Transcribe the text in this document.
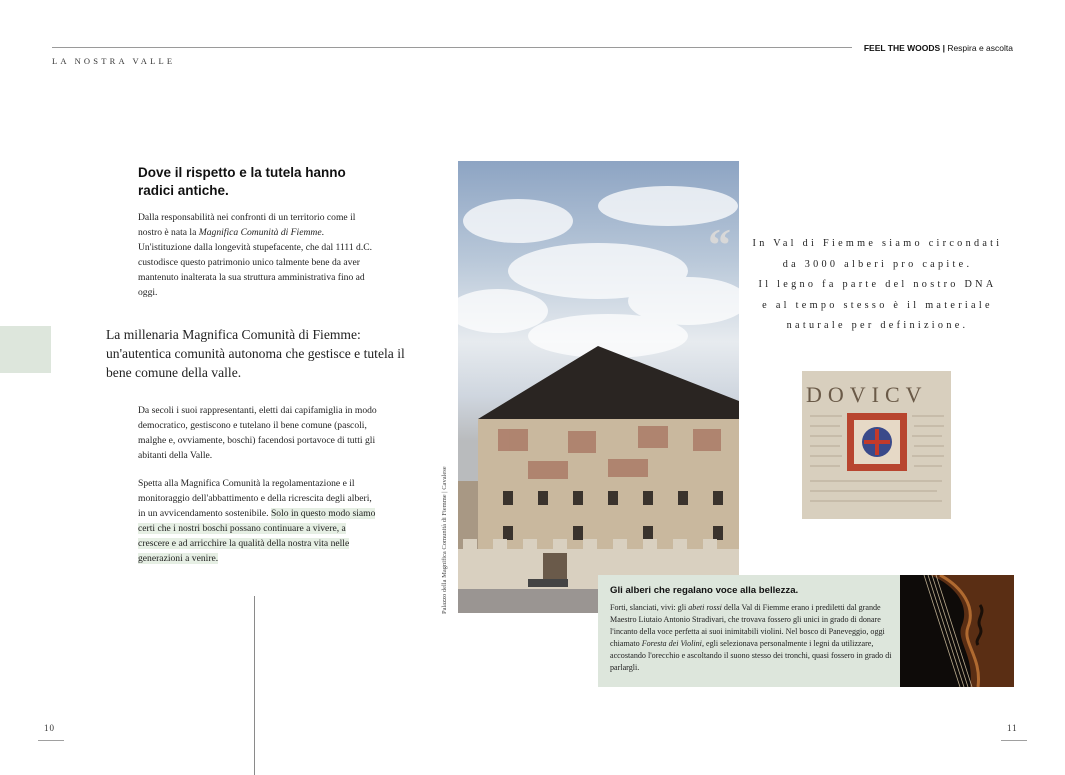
LA NOSTRA VALLE
FEEL THE WOODS | Respira e ascolta
Dove il rispetto e la tutela hanno radici antiche.
Dalla responsabilità nei confronti di un territorio come il nostro è nata la Magnifica Comunità di Fiemme. Un'istituzione dalla longevità stupefacente, che dal 1111 d.C. custodisce questo patrimonio unico talmente bene da aver mantenuto inalterata la sua struttura amministrativa fino ad oggi.
La millenaria Magnifica Comunità di Fiemme: un'autentica comunità autonoma che gestisce e tutela il bene comune della valle.
Da secoli i suoi rappresentanti, eletti dai capifamiglia in modo democratico, gestiscono e tutelano il bene comune (pascoli, malghe e, ovviamente, boschi) facendosi portavoce di tutti gli abitanti della Valle.
Spetta alla Magnifica Comunità la regolamentazione e il monitoraggio dell'abbattimento e della ricrescita degli alberi, in un avvicendamento sostenibile. Solo in questo modo siamo certi che i nostri boschi possano continuare a vivere, a crescere e ad arricchire la qualità della nostra vita nelle generazioni a venire.	Palazzo della Magnifica Comunità di Fiemme | Cavalese
“ In Val di Fiemme siamo circondati
da 3000 alberi pro capite.
Il legno fa parte del nostro DNA
e al tempo stesso è il materiale
naturale per definizione.
DOVICV
Gli alberi che regalano voce alla bellezza.
Forti, slanciati, vivi: gli abeti rossi della Val di Fiemme erano i prediletti dal grande Maestro Liutaio Antonio Stradivari, che trovava fossero gli unici in grado di donare l'incanto della voce perfetta ai suoi inimitabili violini. Nel bosco di Paneveggio, oggi chiamato Foresta dei Violini, egli selezionava personalmente i legni da utilizzare, accostando l'orecchio e ascoltando il suono stesso dei tronchi, quasi fossero in grado di parlargli.
10	11
